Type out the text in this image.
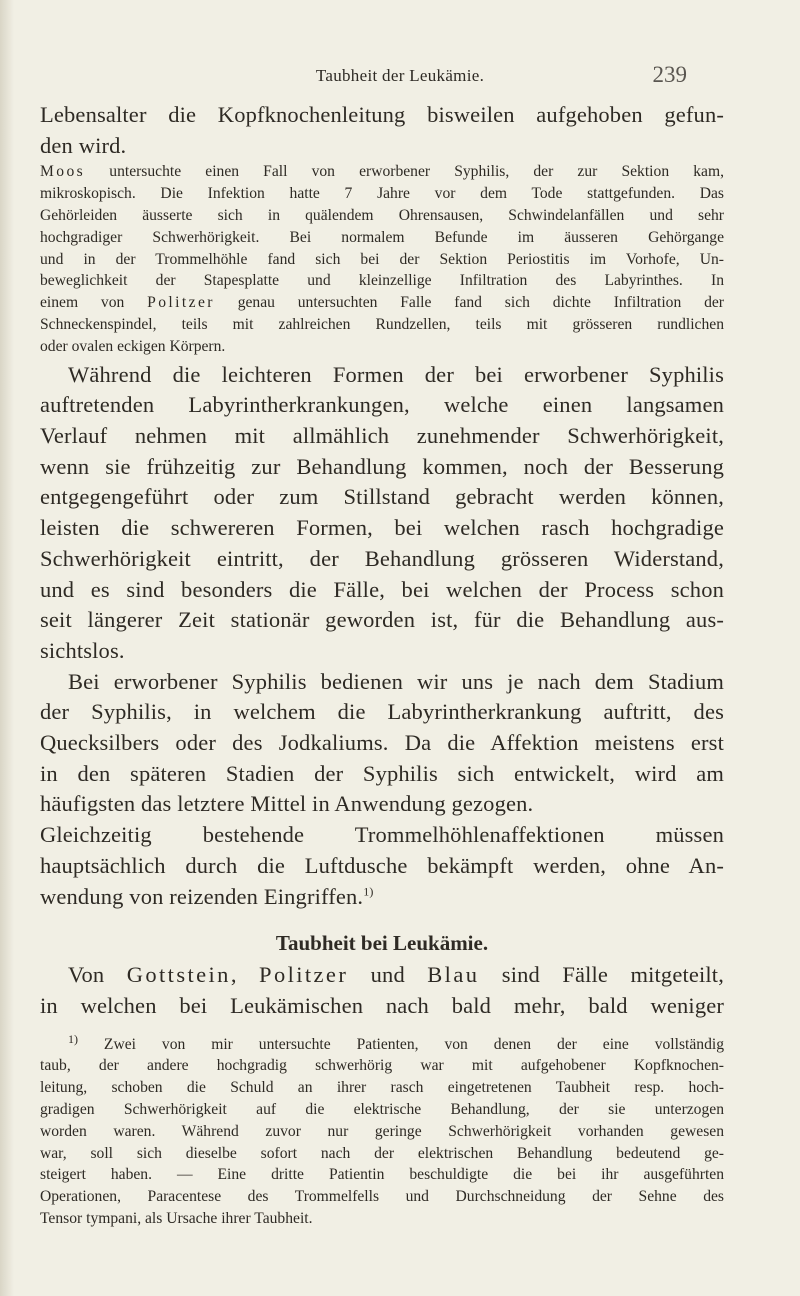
Taubheit der Leukämie.	239
Lebensalter die Kopfknochenleitung bisweilen aufgehoben gefun-
den wird.
Moos untersuchte einen Fall von erworbener Syphilis, der zur Sektion kam,
mikroskopisch. Die Infektion hatte 7 Jahre vor dem Tode stattgefunden. Das
Gehörleiden äusserte sich in quälendem Ohrensausen, Schwindelanfällen und sehr
hochgradiger Schwerhörigkeit. Bei normalem Befunde im äusseren Gehörgange
und in der Trommelhöhle fand sich bei der Sektion Periostitis im Vorhofe, Un-
beweglichkeit der Stapesplatte und kleinzellige Infiltration des Labyrinthes. In
einem von Politzer genau untersuchten Falle fand sich dichte Infiltration der
Schneckenspindel, teils mit zahlreichen Rundzellen, teils mit grösseren rundlichen
oder ovalen eckigen Körpern.
Während die leichteren Formen der bei erworbener Syphilis
auftretenden Labyrintherkrankungen, welche einen langsamen
Verlauf nehmen mit allmählich zunehmender Schwerhörigkeit,
wenn sie frühzeitig zur Behandlung kommen, noch der Besserung
entgegengeführt oder zum Stillstand gebracht werden können,
leisten die schwereren Formen, bei welchen rasch hochgradige
Schwerhörigkeit eintritt, der Behandlung grösseren Widerstand,
und es sind besonders die Fälle, bei welchen der Process schon
seit längerer Zeit stationär geworden ist, für die Behandlung aus-
sichtslos.
Bei erworbener Syphilis bedienen wir uns je nach dem Stadium
der Syphilis, in welchem die Labyrintherkrankung auftritt, des
Quecksilbers oder des Jodkaliums. Da die Affektion meistens erst
in den späteren Stadien der Syphilis sich entwickelt, wird am
häufigsten das letztere Mittel in Anwendung gezogen.
Gleichzeitig bestehende Trommelhöhlenaffektionen müssen
hauptsächlich durch die Luftdusche bekämpft werden, ohne An-
wendung von reizenden Eingriffen.$^{1)}$
Taubheit bei Leukämie.
Von Gottstein, Politzer und Blau sind Fälle mitgeteilt,
in welchen bei Leukämischen nach bald mehr, bald weniger
$^{1)}$ Zwei von mir untersuchte Patienten, von denen der eine vollständig
taub, der andere hochgradig schwerhörig war mit aufgehobener Kopfknochen-
leitung, schoben die Schuld an ihrer rasch eingetretenen Taubheit resp. hoch-
gradigen Schwerhörigkeit auf die elektrische Behandlung, der sie unterzogen
worden waren. Während zuvor nur geringe Schwerhörigkeit vorhanden gewesen
war, soll sich dieselbe sofort nach der elektrischen Behandlung bedeutend ge-
steigert haben. — Eine dritte Patientin beschuldigte die bei ihr ausgeführten
Operationen, Paracentese des Trommelfells und Durchschneidung der Sehne des
Tensor tympani, als Ursache ihrer Taubheit.
